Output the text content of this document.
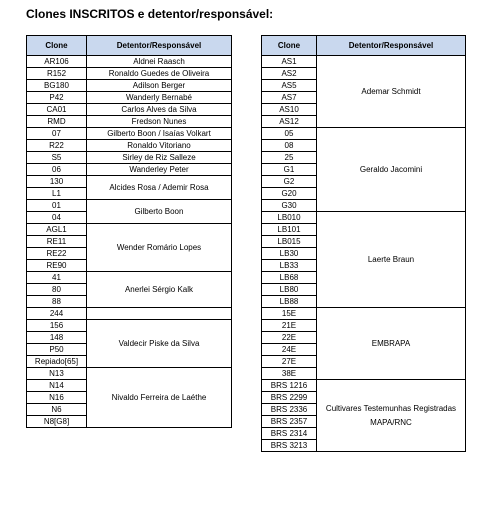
Clones INSCRITOS e detentor/responsável:
Clone	Detentor/Responsável
AR106	Aldnei Raasch
R152	Ronaldo Guedes de Oliveira
BG180	Adilson Berger
P42	Wanderly Bernabé
CA01	Carlos Alves da Silva
RMD	Fredson Nunes
07	Gilberto Boon / Isaías Volkart
R22	Ronaldo Vitoriano
S5	Sirley de Riz Salleze
06	Wanderley Peter
130	Alcides Rosa / Ademir Rosa
L1	
01	Gilberto Boon
04	
AGL1	Wender Romário Lopes
RE11	
RE22	
RE90	
41	Anerlei Sérgio Kalk
80	
88	
244	
156	Valdecir Piske da Silva
148	
P50	
Repiado[65]	
N13	Nivaldo Ferreira de Laéthe
N14	
N16	
N6	
N8[G8]	
Clone	Detentor/Responsável
AS1	Ademar Schmidt
AS2	
AS5	
AS7	
AS10	
AS12	
05	Geraldo Jacomini
08	
25	
G1	
G2	
G20	
G30	
LB010	Laerte Braun
LB101	
LB015	
LB30	
LB33	
LB68	
LB80	
LB88	
15E	EMBRAPA
21E	
22E	
24E	
27E	
38E	
BRS 1216	Cultivares Testemunhas Registradas MAPA/RNC
BRS 2299	
BRS 2336	
BRS 2357	
BRS 2314	
BRS 3213	
